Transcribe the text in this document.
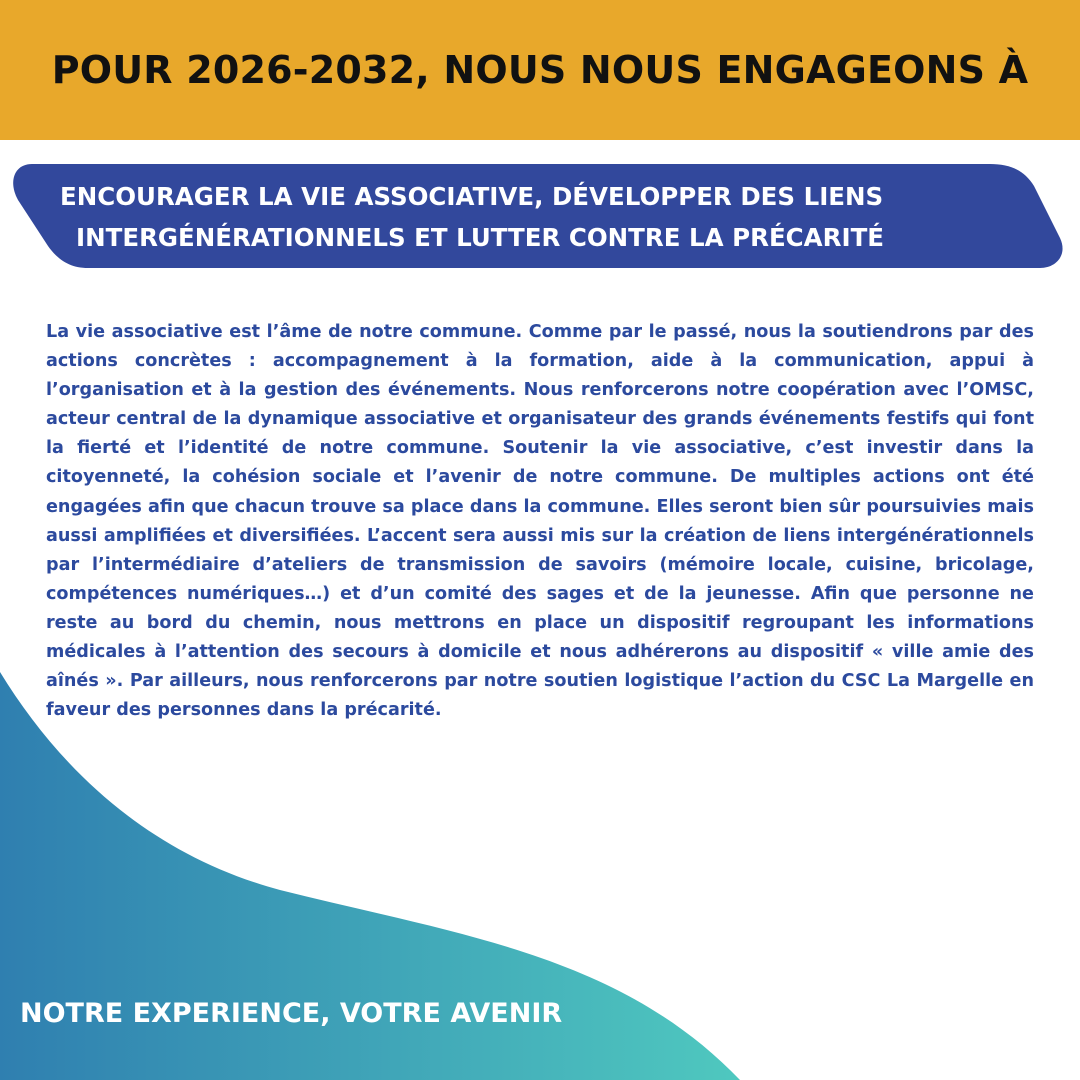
POUR 2026-2032, NOUS NOUS ENGAGEONS À
ENCOURAGER LA VIE ASSOCIATIVE, DÉVELOPPER DES LIENS
INTERGÉNÉRATIONNELS ET LUTTER CONTRE LA PRÉCARITÉ
La vie associative est l’âme de notre commune. Comme par le passé, nous la soutiendrons par des actions concrètes : accompagnement à la formation, aide à la communication, appui à l’organisation et à la gestion des événements. Nous renforcerons notre coopération avec l’OMSC, acteur central de la dynamique associative et organisateur des grands événements festifs qui font la fierté et l’identité de notre commune. Soutenir la vie associative, c’est investir dans la citoyenneté, la cohésion sociale et l’avenir de notre commune. De multiples actions ont été engagées afin que chacun trouve sa place dans la commune. Elles seront bien sûr poursuivies mais aussi amplifiées et diversifiées. L’accent sera aussi mis sur la création de liens intergénérationnels par l’intermédiaire d’ateliers de transmission de savoirs (mémoire locale, cuisine, bricolage, compétences numériques…) et d’un comité des sages et de la jeunesse. Afin que personne ne reste au bord du chemin, nous mettrons en place un dispositif regroupant les informations médicales à l’attention des secours à domicile et nous adhérerons au dispositif « ville amie des aînés ». Par ailleurs, nous renforcerons par notre soutien logistique l’action du CSC La Margelle en faveur des personnes dans la précarité.
NOTRE EXPERIENCE, VOTRE AVENIR
